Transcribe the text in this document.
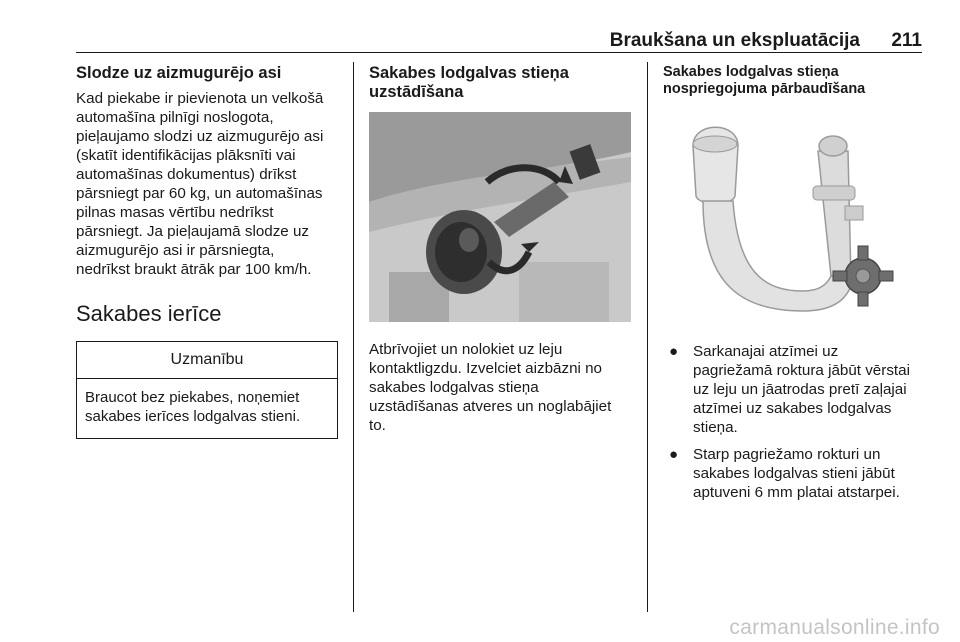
Braukšana un ekspluatācija 211
Slodze uz aizmugurējo asi

Kad piekabe ir pievienota un velkošā
automašīna pilnīgi noslogota,
pieļaujamo slodzi uz aizmugurējo asi
(skatīt identifikācijas plāksnīti vai
automašīnas dokumentus) drīkst
pārsniegt par 60 kg, un automašīnas
pilnas masas vērtību nedrīkst
pārsniegt. Ja pieļaujamā slodze uz
aizmugurējo asi ir pārsniegta,
nedrīkst braukt ātrāk par 100 km/h.

Sakabes ierīce
Uzmanību
Braucot bez piekabes, noņemiet
sakabes ierīces lodgalvas stieni.
Sakabes lodgalvas stieņa
uzstādīšana

Atbrīvojiet un nolokiet uz leju
kontaktligzdu. Izvelciet aizbāzni no
sakabes lodgalvas stieņa
uzstādīšanas atveres un noglabājiet
to.

Sakabes lodgalvas stieņa
nospriegojuma pārbaudīšana
● Sarkanajai atzīmei uz
pagriežamā roktura jābūt vērstai
uz leju un jāatrodas pretī zaļajai
atzīmei uz sakabes lodgalvas
stieņa.
● Starp pagriežamo rokturi un
sakabes lodgalvas stieni jābūt
aptuveni 6 mm platai atstarpei.
carmanualsonline.info
